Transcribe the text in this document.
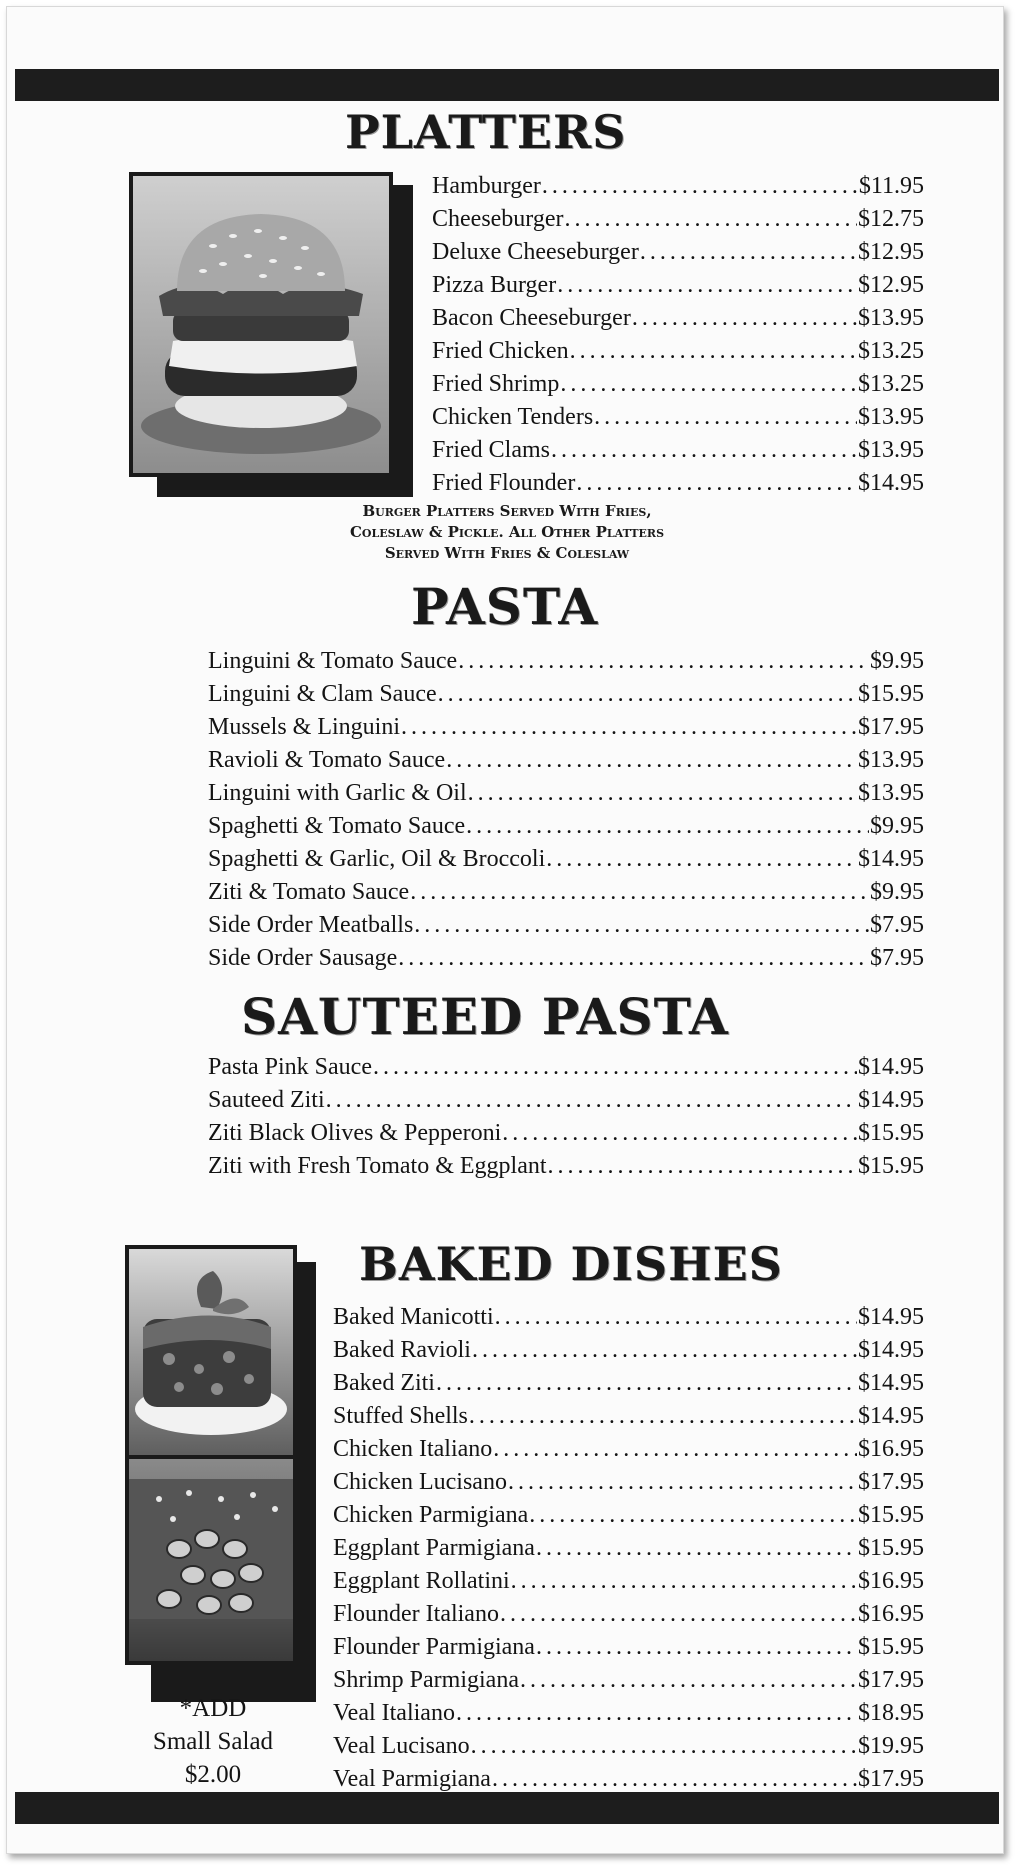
PLATTERS
Hamburger .....	$11.95
Cheeseburger .....	$12.75
Deluxe Cheeseburger .....	$12.95
Pizza Burger .....	$12.95
Bacon Cheeseburger .....	$13.95
Fried Chicken .....	$13.25
Fried Shrimp .....	$13.25
Chicken Tenders .....	$13.95
Fried Clams .....	$13.95
Fried Flounder .....	$14.95
Burger Platters Served With Fries,
Coleslaw & Pickle. All Other Platters
Served With Fries & Coleslaw
PASTA
Linguini & Tomato Sauce .....	$9.95
Linguini & Clam Sauce .....	$15.95
Mussels & Linguini .....	$17.95
Ravioli & Tomato Sauce .....	$13.95
Linguini with Garlic & Oil .....	$13.95
Spaghetti & Tomato Sauce .....	$9.95
Spaghetti & Garlic, Oil & Broccoli .....	$14.95
Ziti & Tomato Sauce .....	$9.95
Side Order Meatballs .....	$7.95
Side Order Sausage .....	$7.95
SAUTEED PASTA
Pasta Pink Sauce .....	$14.95
Sauteed Ziti .....	$14.95
Ziti Black Olives & Pepperoni .....	$15.95
Ziti with Fresh Tomato & Eggplant .....	$15.95
BAKED DISHES
Baked Manicotti .....	$14.95
Baked Ravioli .....	$14.95
Baked Ziti .....	$14.95
Stuffed Shells .....	$14.95
Chicken Italiano .....	$16.95
Chicken Lucisano .....	$17.95
Chicken Parmigiana .....	$15.95
Eggplant Parmigiana .....	$15.95
Eggplant Rollatini .....	$16.95
Flounder Italiano .....	$16.95
Flounder Parmigiana .....	$15.95
Shrimp Parmigiana .....	$17.95
Veal Italiano .....	$18.95
Veal Lucisano .....	$19.95
Veal Parmigiana .....	$17.95
*ADD
Small Salad
$2.00
